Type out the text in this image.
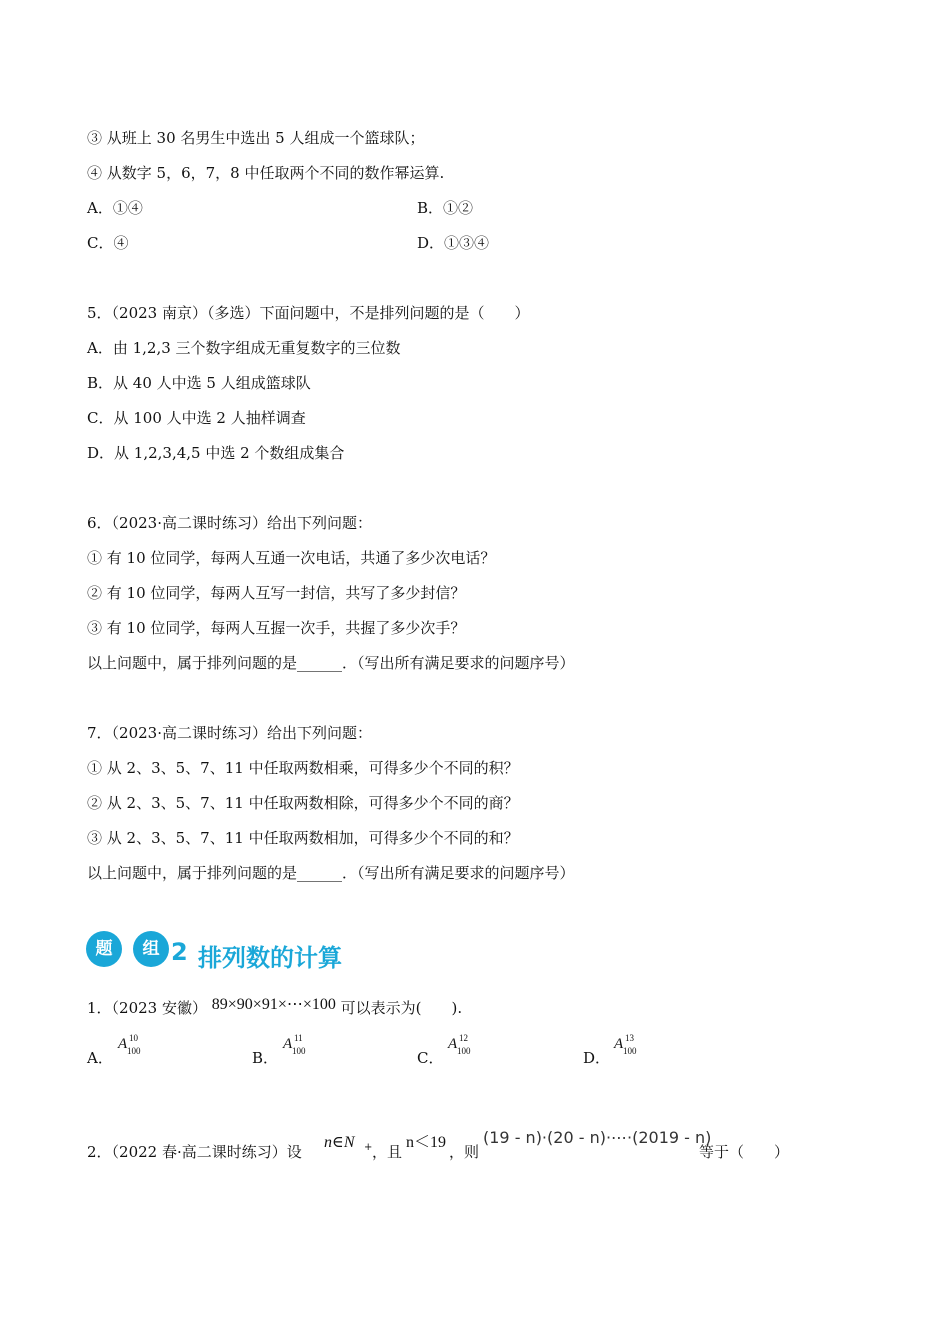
③ 从班上 30 名男生中选出 5 人组成一个篮球队；
④ 从数字 5，6，7，8 中任取两个不同的数作幂运算.
A．①④	B．①②
C．④	D．①③④
5．（2023 南京）（多选）下面问题中，不是排列问题的是（　　）
A．由 1,2,3 三个数字组成无重复数字的三位数
B．从 40 人中选 5 人组成篮球队
C．从 100 人中选 2 人抽样调查
D．从 1,2,3,4,5 中选 2 个数组成集合
6．（2023·高二课时练习）给出下列问题：
① 有 10 位同学，每两人互通一次电话，共通了多少次电话？
② 有 10 位同学，每两人互写一封信，共写了多少封信？
③ 有 10 位同学，每两人互握一次手，共握了多少次手？
以上问题中，属于排列问题的是______．（写出所有满足要求的问题序号）
7．（2023·高二课时练习）给出下列问题：
① 从 2、3、5、7、11 中任取两数相乘，可得多少个不同的积？
② 从 2、3、5、7、11 中任取两数相除，可得多少个不同的商？
③ 从 2、3、5、7、11 中任取两数相加，可得多少个不同的和？
以上问题中，属于排列问题的是______．（写出所有满足要求的问题序号）
题	组 2 排列数的计算
1．（2023 安徽） 89×90×91×⋯×100 可以表示为(　　).
A．
A 10
100	B．
A 11
100	C．
A 12
100	D．
A 13
100
2．（2022 春·高二课时练习）设
n∈N + ，且
n＜19
，则
(19 - n)·(20 - n)·⋯·(2019 - n)
等于（　　）
